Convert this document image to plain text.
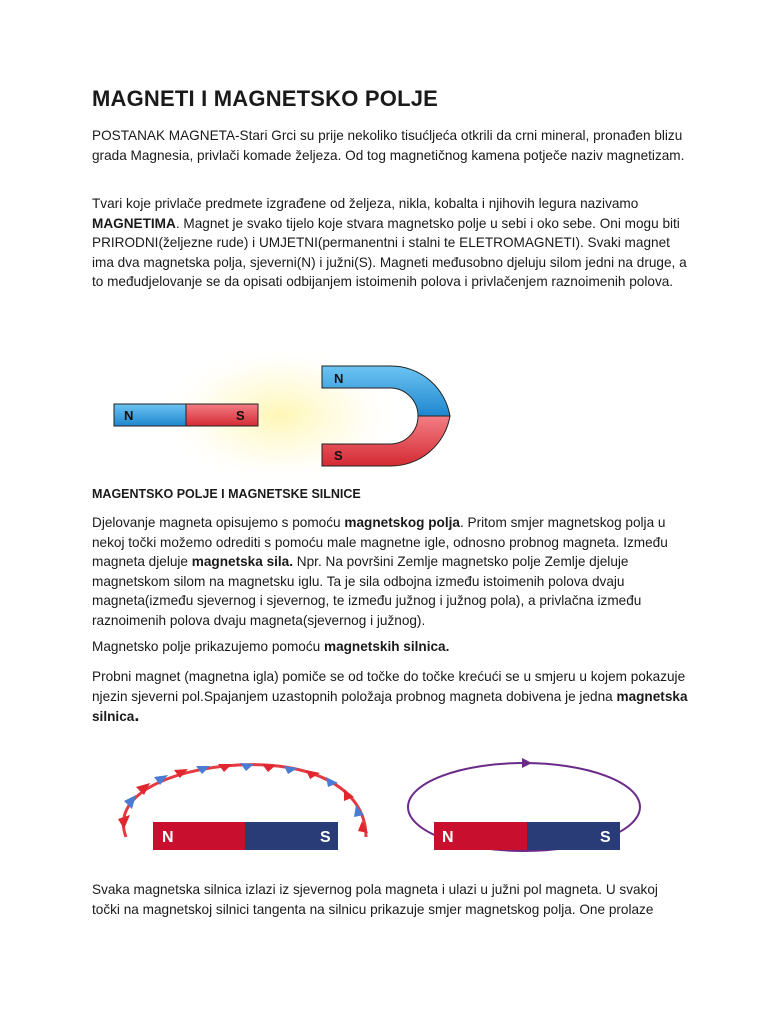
MAGNETI I MAGNETSKO POLJE

POSTANAK MAGNETA-Stari Grci su prije nekoliko tisućljeća otkrili da crni mineral, pronađen blizu grada Magnesia, privlači komade željeza. Od tog magnetičnog kamena potječe naziv magnetizam.

Tvari koje privlače predmete izgrađene od željeza, nikla, kobalta i njihovih legura nazivamo MAGNETIMA. Magnet je svako tijelo koje stvara magnetsko polje u sebi i oko sebe. Oni mogu biti PRIRODNI(željezne rude) i UMJETNI(permanentni i stalni te ELETROMAGNETI). Svaki magnet ima dva magnetska polja, sjeverni(N) i južni(S). Magneti međusobno djeluju silom jedni na druge, a to međudjelovanje se da opisati odbijanjem istoimenih polova i privlačenjem raznoimenih polova.

N	S
N
S

MAGENTSKO POLJE I MAGNETSKE SILNICE

Djelovanje magneta opisujemo s pomoću magnetskog polja. Pritom smjer magnetskog polja u nekoj točki možemo odrediti s pomoću male magnetne igle, odnosno probnog magneta. Između magneta djeluje magnetska sila. Npr. Na površini Zemlje magnetsko polje Zemlje djeluje magnetskom silom na magnetsku iglu. Ta je sila odbojna između istoimenih polova dvaju magneta(između sjevernog i sjevernog, te između južnog i južnog pola), a privlačna između raznoimenih polova dvaju magneta(sjevernog i južnog).

Magnetsko polje prikazujemo pomoću magnetskih silnica.

Probni magnet (magnetna igla) pomiče se od točke do točke krećući se u smjeru u kojem pokazuje njezin sjeverni pol.Spajanjem uzastopnih položaja probnog magneta dobivena je jedna magnetska silnica.

N	S	N	S

Svaka magnetska silnica izlazi iz sjevernog pola magneta i ulazi u južni pol magneta. U svakoj točki na magnetskoj silnici tangenta na silnicu prikazuje smjer magnetskog polja. One prolaze
